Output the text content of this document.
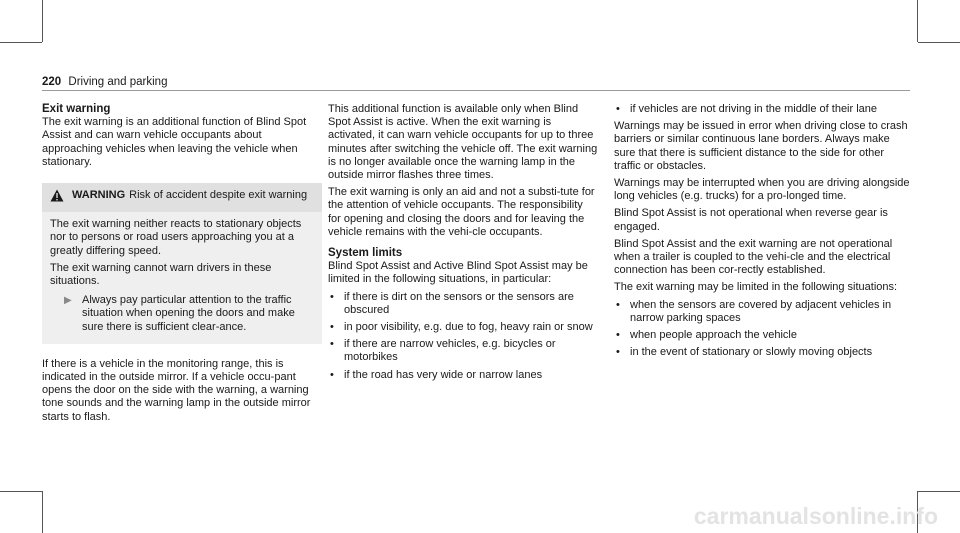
220 Driving and parking

Exit warning

The exit warning is an additional function of Blind Spot Assist and can warn vehicle occupants about approaching vehicles when leaving the vehicle when stationary.

WARNING Risk of accident despite exit warning

The exit warning neither reacts to stationary objects nor to persons or road users approaching you at a greatly differing speed.

The exit warning cannot warn drivers in these situations.

▶ Always pay particular attention to the traffic situation when opening the doors and make sure there is sufficient clear-ance.

If there is a vehicle in the monitoring range, this is indicated in the outside mirror. If a vehicle occu-pant opens the door on the side with the warning, a warning tone sounds and the warning lamp in the outside mirror starts to flash.

This additional function is available only when Blind Spot Assist is active. When the exit warning is activated, it can warn vehicle occupants for up to three minutes after switching the vehicle off. The exit warning is no longer available once the warning lamp in the outside mirror flashes three times.

The exit warning is only an aid and not a substi-tute for the attention of vehicle occupants. The responsibility for opening and closing the doors and for leaving the vehicle remains with the vehi-cle occupants.

System limits

Blind Spot Assist and Active Blind Spot Assist may be limited in the following situations, in particular:

• if there is dirt on the sensors or the sensors are obscured
• in poor visibility, e.g. due to fog, heavy rain or snow
• if there are narrow vehicles, e.g. bicycles or motorbikes
• if the road has very wide or narrow lanes
• if vehicles are not driving in the middle of their lane

Warnings may be issued in error when driving close to crash barriers or similar continuous lane borders. Always make sure that there is sufficient distance to the side for other traffic or obstacles.

Warnings may be interrupted when you are driving alongside long vehicles (e.g. trucks) for a pro-longed time.

Blind Spot Assist is not operational when reverse gear is engaged.

Blind Spot Assist and the exit warning are not operational when a trailer is coupled to the vehi-cle and the electrical connection has been cor-rectly established.

The exit warning may be limited in the following situations:

• when the sensors are covered by adjacent vehicles in narrow parking spaces
• when people approach the vehicle
• in the event of stationary or slowly moving objects
carmanualsonline.info
